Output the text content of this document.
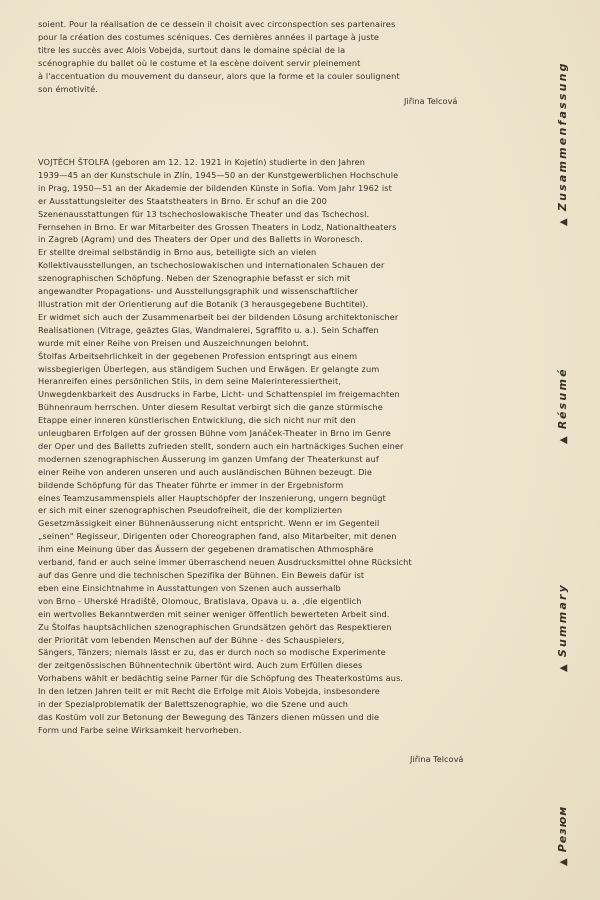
soient. Pour la réalisation de ce dessein il choisit avec circonspection ses partenaires
pour la création des costumes scéniques. Ces dernières années il partage à juste
titre les succès avec Alois Vobejda, surtout dans le domaine spécial de la
scénographie du ballet où le costume et la escène doivent servir pleinement
à l'accentuation du mouvement du danseur, alors que la forme et la couler soulignent
son émotivité.
Jiřina Telcová
VOJTĚCH ŠTOLFA (geboren am 12. 12. 1921 in Kojetín) studierte in den Jahren
1939—45 an der Kunstschule in Zlín, 1945—50 an der Kunstgewerblichen Hochschule
in Prag, 1950—51 an der Akademie der bildenden Künste in Sofia. Vom Jahr 1962 ist
er Ausstattungsleiter des Staatstheaters in Brno. Er schuf an die 200
Szenenausstattungen für 13 tschechoslowakische Theater und das Tschechosl.
Fernsehen in Brno. Er war Mitarbeiter des Grossen Theaters in Lodz, Nationaltheaters
in Zagreb (Agram) und des Theaters der Oper und des Balletts in Woronesch.
Er stellte dreimal selbständig in Brno aus, beteiligte sich an vielen
Kollektivausstellungen, an tschechoslowakischen und internationalen Schauen der
szenographischen Schöpfung. Neben der Szenographie befasst er sich mit
angewandter Propagations- und Ausstellungsgraphik und wissenschaftlicher
Illustration mit der Orientierung auf die Botanik (3 herausgegebene Buchtitel).
Er widmet sich auch der Zusammenarbeit bei der bildenden Lösung architektonischer
Realisationen (Vitrage, geäztes Glas, Wandmalerei, Sgraffito u. a.). Sein Schaffen
wurde mit einer Reihe von Preisen und Auszeichnungen belohnt.
Štolfas Arbeitsehrlichkeit in der gegebenen Profession entspringt aus einem
wissbegierigen Überlegen, aus ständigem Suchen und Erwägen. Er gelangte zum
Heranreifen eines persönlichen Stils, in dem seine Malerinteressiertheit,
Unwegdenkbarkeit des Ausdrucks in Farbe, Licht- und Schattenspiel im freigemachten
Bühnenraum herrschen. Unter diesem Resultat verbirgt sich die ganze stürmische
Etappe einer inneren künstlerischen Entwicklung, die sich nicht nur mit den
unleugbaren Erfolgen auf der grossen Bühne vom Janáček-Theater in Brno im Genre
der Oper und des Balletts zufrieden stellt, sondern auch ein hartnäckiges Suchen einer
modernen szenographischen Äusserung im ganzen Umfang der Theaterkunst auf
einer Reihe von anderen unseren und auch ausländischen Bühnen bezeugt. Die
bildende Schöpfung für das Theater führte er immer in der Ergebnisform
eines Teamzusammenspiels aller Hauptschöpfer der Inszenierung, ungern begnügt
er sich mit einer szenographischen Pseudofreiheit, die der komplizierten
Gesetzmässigkeit einer Bühnenäusserung nicht entspricht. Wenn er im Gegenteil
„seinen" Regisseur, Dirigenten oder Choreographen fand, also Mitarbeiter, mit denen
ihm eine Meinung über das Äussern der gegebenen dramatischen Athmosphäre
verband, fand er auch seine immer überraschend neuen Ausdrucksmittel ohne Rücksicht
auf das Genre und die technischen Spezifika der Bühnen. Ein Beweis dafür ist
eben eine Einsichtnahme in Ausstattungen von Szenen auch ausserhalb
von Brno - Uherské Hradiště, Olomouc, Bratislava, Opava u. a. ‚die eigentlich
ein wertvolles Bekanntwerden mit seiner weniger öffentlich bewerteten Arbeit sind.
Zu Štolfas hauptsächlichen szenographischen Grundsätzen gehört das Respektieren
der Priorität vom lebenden Menschen auf der Bühne - des Schauspielers,
Sängers, Tänzers; niemals lässt er zu, das er durch noch so modische Experimente
der zeitgenössischen Bühnentechnik übertönt wird. Auch zum Erfüllen dieses
Vorhabens wählt er bedächtig seine Parner für die Schöpfung des Theaterkostüms aus.
In den letzen Jahren teilt er mit Recht die Erfolge mit Alois Vobejda, insbesondere
in der Spezialproblematik der Balettszenographie, wo die Szene und auch
das Kostüm voll zur Betonung der Bewegung des Tänzers dienen müssen und die
Form und Farbe seine Wirksamkeit hervorheben.
Jiřina Telcová
▲Zusammenfassung
▲Résumé
▲Summary
▲Резюм
